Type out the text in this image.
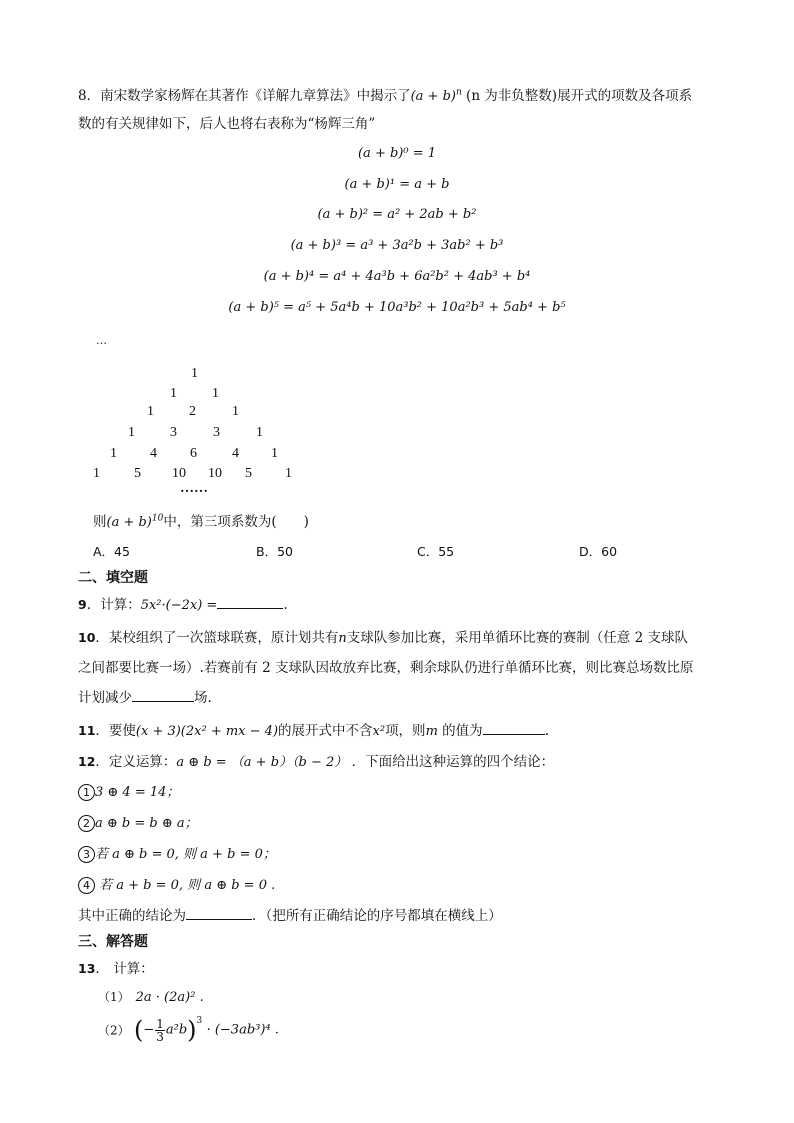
8．南宋数学家杨辉在其著作《详解九章算法》中揭示了$(a + b)^n$ (n 为非负整数)展开式的项数及各项系
数的有关规律如下，后人也将右表称为“杨辉三角”
(a + b)⁰ = 1
(a + b)¹ = a + b
(a + b)² = a² + 2ab + b²
(a + b)³ = a³ + 3a²b + 3ab² + b³
(a + b)⁴ = a⁴ + 4a³b + 6a²b² + 4ab³ + b⁴
(a + b)⁵ = a⁵ + 5a⁴b + 10a³b² + 10a²b³ + 5ab⁴ + b⁵
…
1
1	1
1	2	1
1	3	3	1
1 4 6	4 1
1 5 10 10 5 1
……
则$(a + b)^{10}$中，第三项系数为(　　)
A．45	B．50	C．55	D．60
二、填空题
9．计算：5x²·(−2x) =	.
10．某校组织了一次篮球联赛，原计划共有n支球队参加比赛，采用单循环比赛的赛制（任意 2 支球队
之间都要比赛一场）.若赛前有 2 支球队因故放弃比赛，剩余球队仍进行单循环比赛，则比赛总场数比原
计划减少	场.
11．要使(x + 3)(2x² + mx − 4)的展开式中不含x²项，则m 的值为	.
12．定义运算：a ⊕ b = （a + b）（b − 2） ．下面给出这种运算的四个结论：
1 3 ⊕ 4 = 14；
2 a ⊕ b = b ⊕ a；
3 若 a ⊕ b = 0, 则 a + b = 0；
4 若 a + b = 0, 则 a ⊕ b = 0 .
其中正确的结论为	．（把所有正确结论的序号都填在横线上）
三、解答题
13． 计算：
（1） 2a · (2a)² .
（2） (− $\frac{1}{3} a^2b)^3 \cdot (-3ab^3)^4$ .
